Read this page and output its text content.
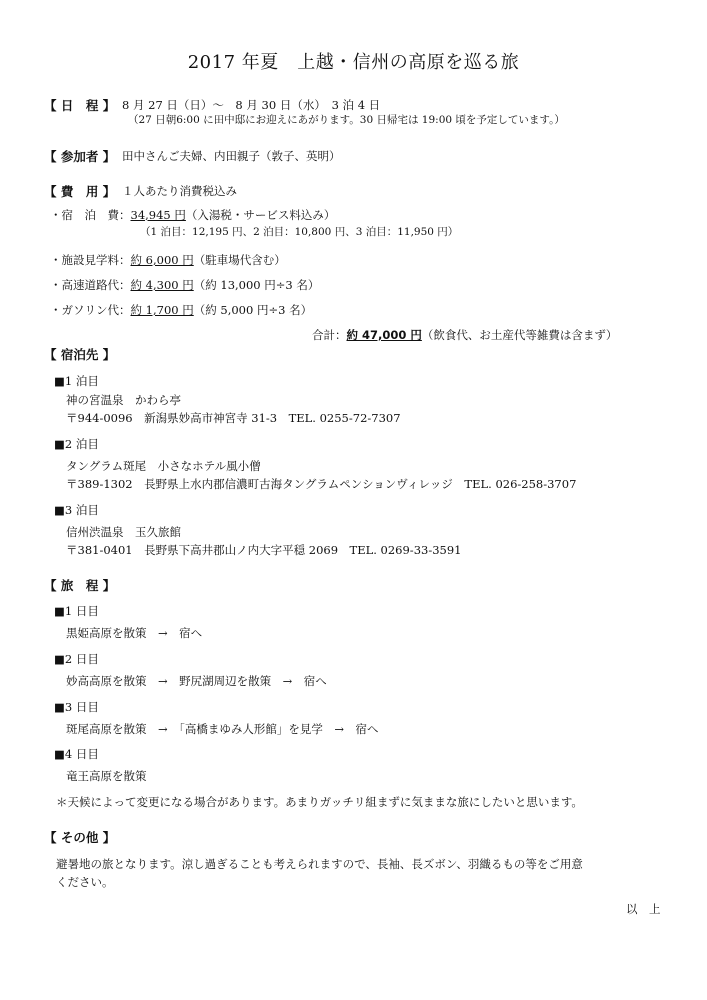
2017 年夏　上越・信州の高原を巡る旅
【 日　程 】 8 月 27 日（日）～　8 月 30 日（水）　3 泊 4 日
（27 日朝6:00 に田中邸にお迎えにあがります。30 日帰宅は 19:00 頃を予定しています。）
【 参加者 】 田中さんご夫婦、内田親子（敦子、英明）
【 費　用 】 １人あたり消費税込み
・宿　泊　費：34,945 円（入湯税・サービス料込み）
（1 泊目：12,195 円、2 泊目：10,800 円、3 泊目：11,950 円）
・施設見学料：約 6,000 円（駐車場代含む）
・高速道路代：約 4,300 円（約 13,000 円÷3 名）
・ガソリン代：約 1,700 円（約 5,000 円÷3 名）
合計：約 47,000 円（飲食代、お土産代等雑費は含まず）
【 宿泊先 】
■1 泊目
神の宮温泉　かわら亭
〒944-0096　新潟県妙高市神宮寺 31-3　TEL. 0255-72-7307
■2 泊目
タングラム斑尾　小さなホテル風小僧
〒389-1302　長野県上水内郡信濃町古海タングラムペンションヴィレッジ　TEL. 026-258-3707
■3 泊目
信州渋温泉　玉久旅館
〒381-0401　長野県下高井郡山ノ内大字平穏 2069　TEL. 0269-33-3591
【 旅　程 】
■1 日目
黒姫高原を散策　→　宿へ
■2 日目
妙高高原を散策　→　野尻湖周辺を散策　→　宿へ
■3 日目
斑尾高原を散策　→　「高橋まゆみ人形館」を見学　→　宿へ
■4 日目
竜王高原を散策
＊天候によって変更になる場合があります。あまりガッチリ組まずに気ままな旅にしたいと思います。
【 その他 】
避暑地の旅となります。涼し過ぎることも考えられますので、長袖、長ズボン、羽織るもの等をご用意
ください。
以　上
